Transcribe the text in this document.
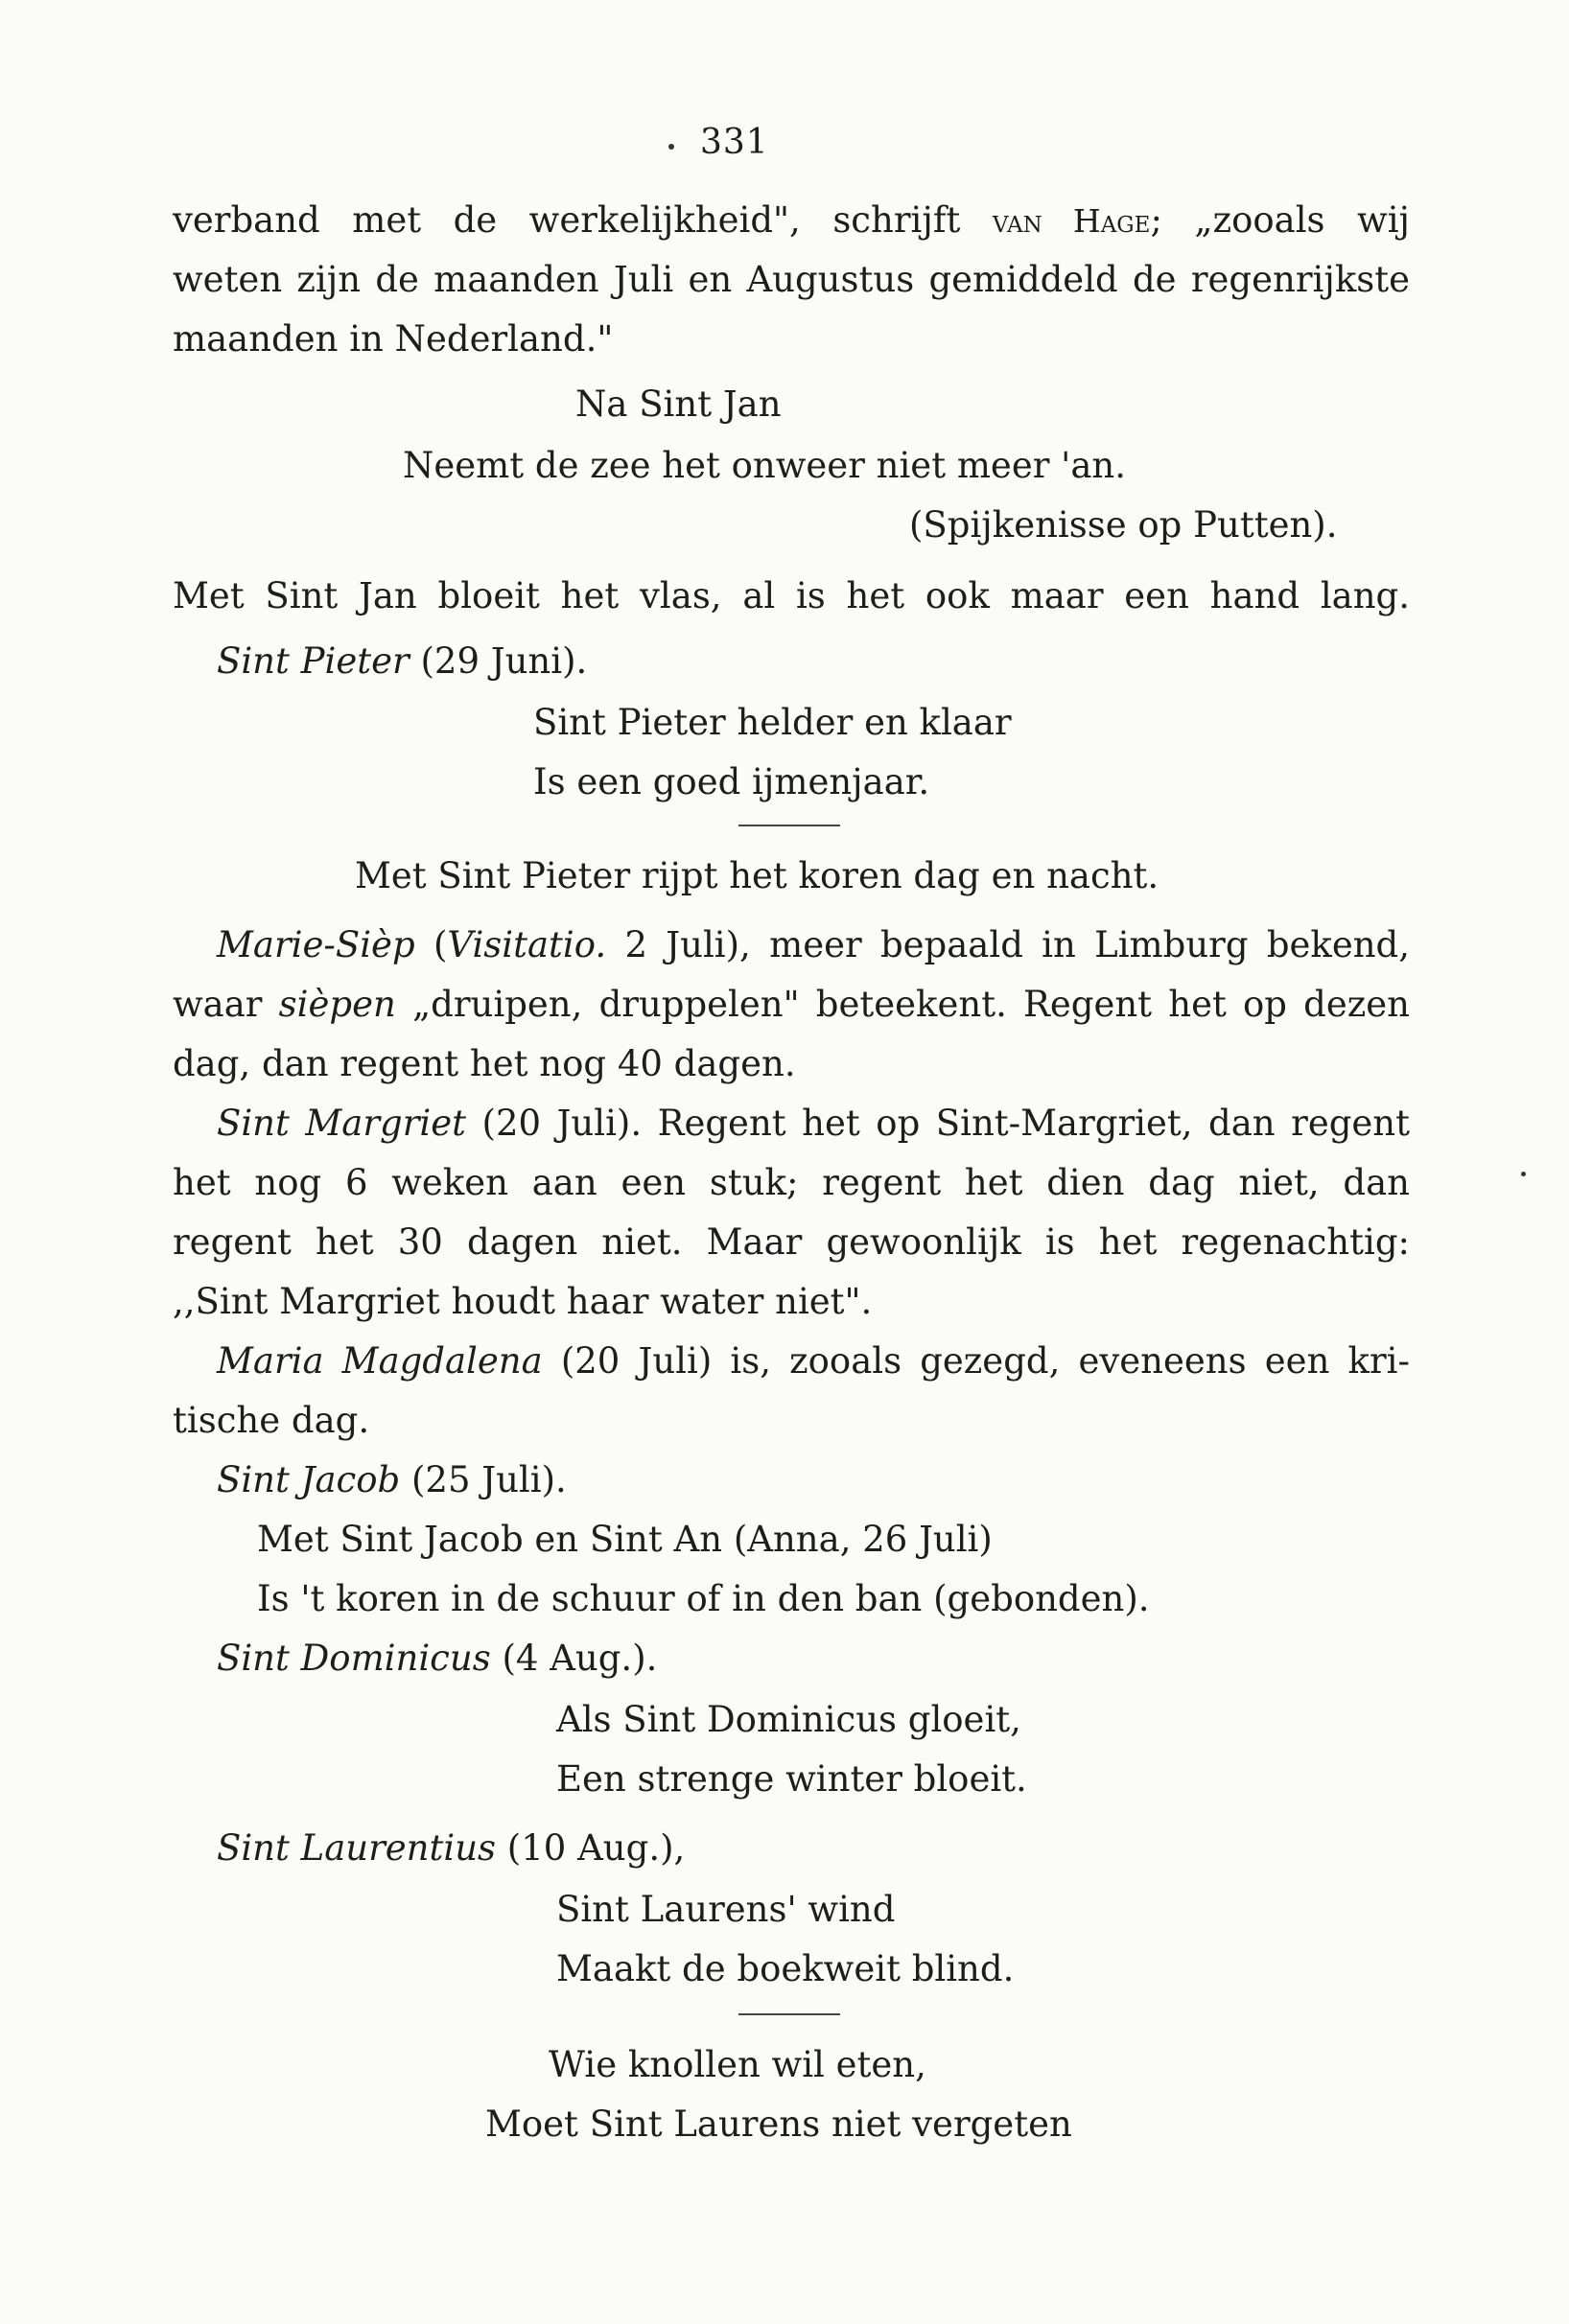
331
verband met de werkelijkheid", schrijft van Hage; „zooals wij
weten zijn de maanden Juli en Augustus gemiddeld de regenrijkste
maanden in Nederland."
Na Sint Jan
Neemt de zee het onweer niet meer 'an.
(Spijkenisse op Putten).
Met Sint Jan bloeit het vlas, al is het ook maar een hand lang.
Sint Pieter (29 Juni).
Sint Pieter helder en klaar
Is een goed ijmenjaar.
Met Sint Pieter rijpt het koren dag en nacht.
Marie-Sièp (Visitatio. 2 Juli), meer bepaald in Limburg bekend,
waar sièpen „druipen, druppelen" beteekent. Regent het op dezen
dag, dan regent het nog 40 dagen.
Sint Margriet (20 Juli). Regent het op Sint-Margriet, dan regent
het nog 6 weken aan een stuk; regent het dien dag niet, dan
regent het 30 dagen niet. Maar gewoonlijk is het regenachtig:
,,Sint Margriet houdt haar water niet".
Maria Magdalena (20 Juli) is, zooals gezegd, eveneens een kri-
tische dag.
Sint Jacob (25 Juli).
Met Sint Jacob en Sint An (Anna, 26 Juli)
Is 't koren in de schuur of in den ban (gebonden).
Sint Dominicus (4 Aug.).
Als Sint Dominicus gloeit,
Een strenge winter bloeit.
Sint Laurentius (10 Aug.),
Sint Laurens' wind
Maakt de boekweit blind.
Wie knollen wil eten,
Moet Sint Laurens niet vergeten
